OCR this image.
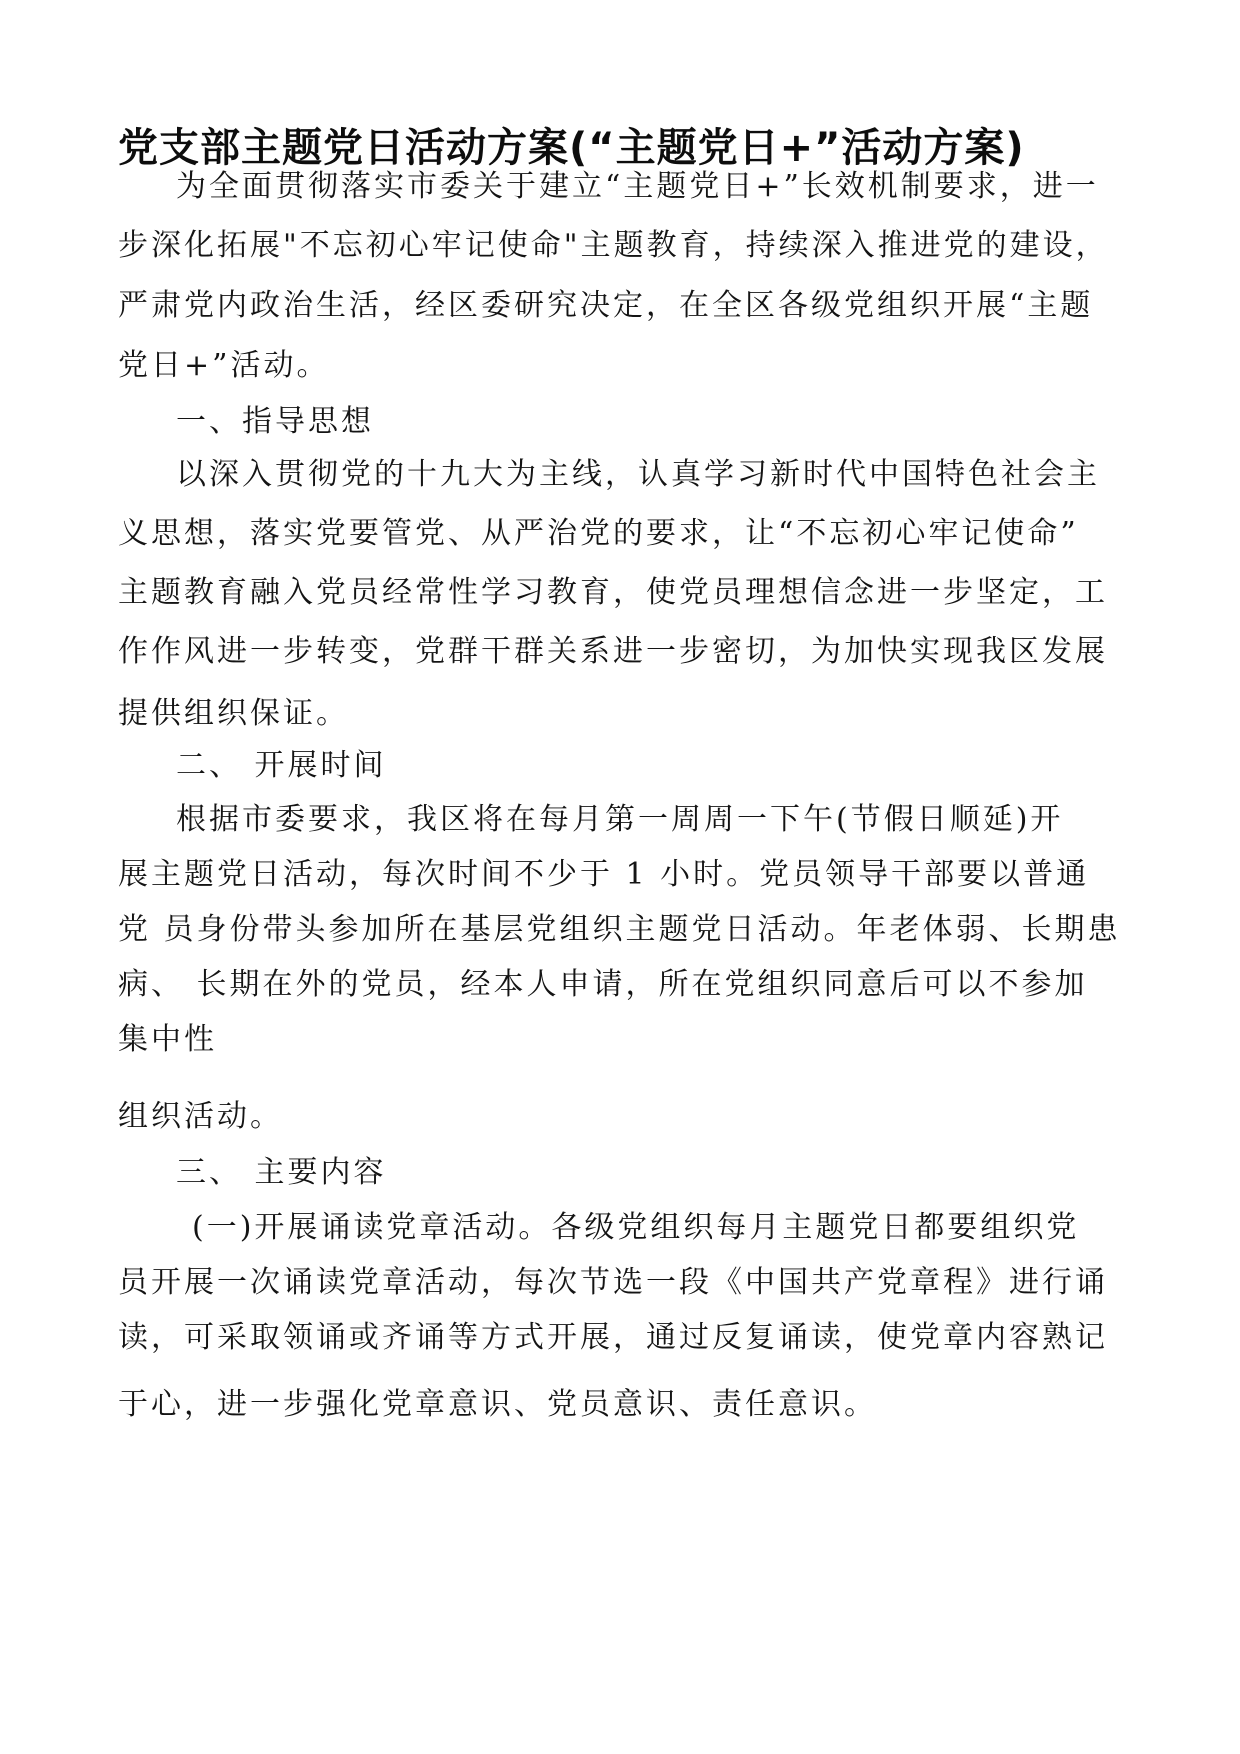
党支部主题党日活动方案(“主题党日+”活动方案)
为全面贯彻落实市委关于建立“主题党日+”长效机制要求，进一
步深化拓展"不忘初心牢记使命"主题教育，持续深入推进党的建设，
严肃党内政治生活，经区委研究决定，在全区各级党组织开展“主题
党日+”活动。
一、指导思想
以深入贯彻党的十九大为主线，认真学习新时代中国特色社会主
义思想，落实党要管党、从严治党的要求，让“不忘初心牢记使命”
主题教育融入党员经常性学习教育，使党员理想信念进一步坚定，工
作作风进一步转变，党群干群关系进一步密切，为加快实现我区发展
提供组织保证。
二、 开展时间
根据市委要求，我区将在每月第一周周一下午(节假日顺延)开
展主题党日活动，每次时间不少于 1 小时。党员领导干部要以普通
党 员身份带头参加所在基层党组织主题党日活动。年老体弱、长期患
病、 长期在外的党员，经本人申请，所在党组织同意后可以不参加
集中性
组织活动。
三、 主要内容
(一)开展诵读党章活动。各级党组织每月主题党日都要组织党
员开展一次诵读党章活动，每次节选一段《中国共产党章程》进行诵
读，可采取领诵或齐诵等方式开展，通过反复诵读，使党章内容熟记
于心，进一步强化党章意识、党员意识、责任意识。
